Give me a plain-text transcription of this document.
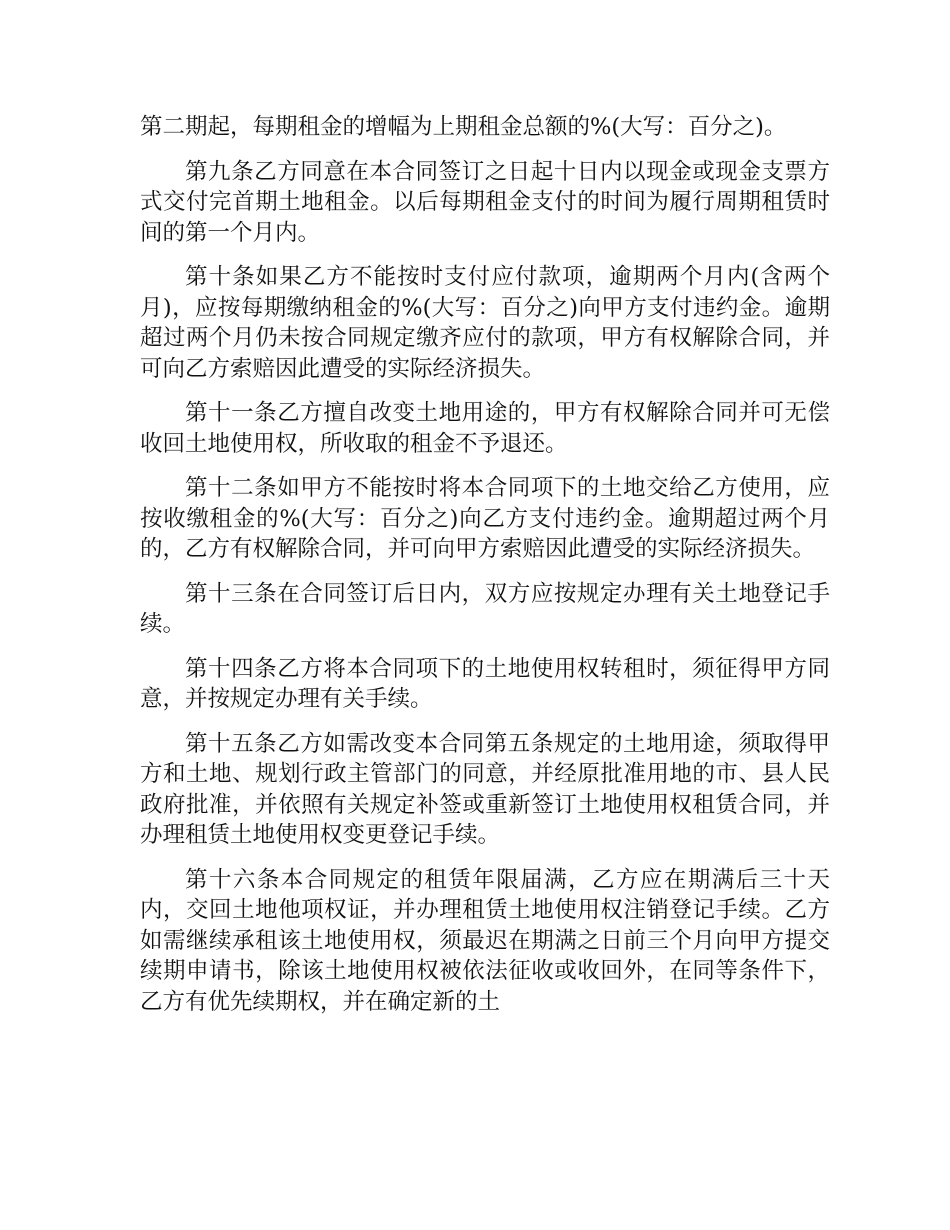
第二期起，每期租金的增幅为上期租金总额的%(大写：百分之)。

第九条乙方同意在本合同签订之日起十日内以现金或现金支票方式交付完首期土地租金。以后每期租金支付的时间为履行周期租赁时间的第一个月内。

第十条如果乙方不能按时支付应付款项，逾期两个月内(含两个月)，应按每期缴纳租金的%(大写：百分之)向甲方支付违约金。逾期超过两个月仍未按合同规定缴齐应付的款项，甲方有权解除合同，并可向乙方索赔因此遭受的实际经济损失。

第十一条乙方擅自改变土地用途的，甲方有权解除合同并可无偿收回土地使用权，所收取的租金不予退还。

第十二条如甲方不能按时将本合同项下的土地交给乙方使用，应按收缴租金的%(大写：百分之)向乙方支付违约金。逾期超过两个月的，乙方有权解除合同，并可向甲方索赔因此遭受的实际经济损失。

第十三条在合同签订后日内，双方应按规定办理有关土地登记手续。

第十四条乙方将本合同项下的土地使用权转租时，须征得甲方同意，并按规定办理有关手续。

第十五条乙方如需改变本合同第五条规定的土地用途，须取得甲方和土地、规划行政主管部门的同意，并经原批准用地的市、县人民政府批准，并依照有关规定补签或重新签订土地使用权租赁合同，并办理租赁土地使用权变更登记手续。

第十六条本合同规定的租赁年限届满，乙方应在期满后三十天内，交回土地他项权证，并办理租赁土地使用权注销登记手续。乙方如需继续承租该土地使用权，须最迟在期满之日前三个月向甲方提交续期申请书，除该土地使用权被依法征收或收回外，在同等条件下，乙方有优先续期权，并在确定新的土
